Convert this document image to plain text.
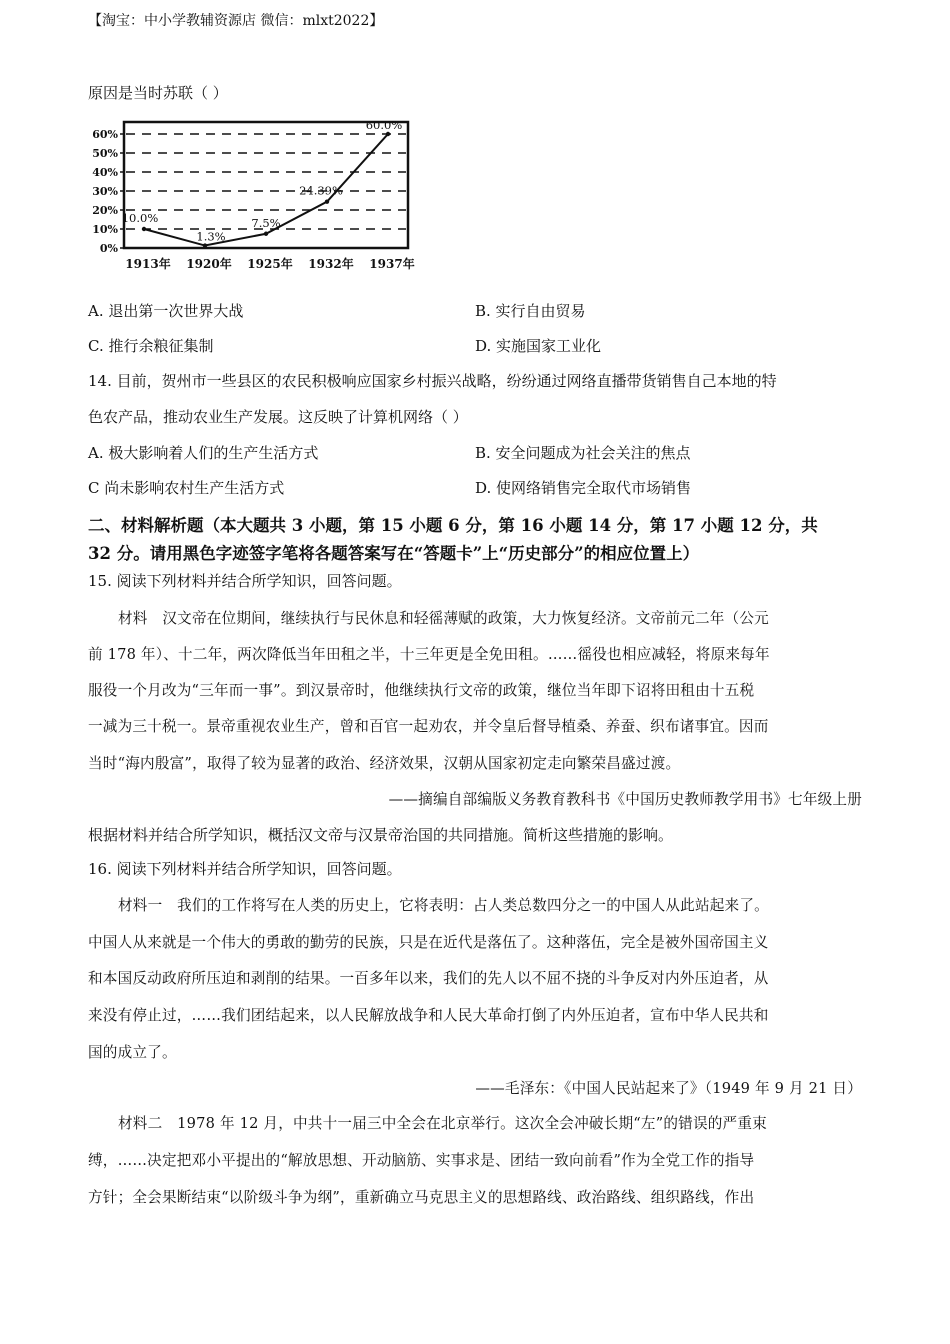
【淘宝：中小学教辅资源店 微信：mlxt2022】
原因是当时苏联（ ）
60%
50%
40%
30%
20%
10%
0%
1913年 1920年 1925年 1932年 1937年
10.0%
1.3%
7.5%
24.39%
60.0%
A. 退出第一次世界大战	B. 实行自由贸易
C. 推行余粮征集制	D. 实施国家工业化
14. 目前，贺州市一些县区的农民积极响应国家乡村振兴战略，纷纷通过网络直播带货销售自己本地的特
色农产品，推动农业生产发展。这反映了计算机网络（ ）
A. 极大影响着人们的生产生活方式	B. 安全问题成为社会关注的焦点
C 尚未影响农村生产生活方式	D. 使网络销售完全取代市场销售
二、材料解析题（本大题共 3 小题，第 15 小题 6 分，第 16 小题 14 分，第 17 小题 12 分，共
32 分。请用黑色字迹签字笔将各题答案写在“答题卡”上“历史部分”的相应位置上）
15. 阅读下列材料并结合所学知识，回答问题。
材料　汉文帝在位期间，继续执行与民休息和轻徭薄赋的政策，大力恢复经济。文帝前元二年（公元
前 178 年）、十二年，两次降低当年田租之半，十三年更是全免田租。……徭役也相应减轻，将原来每年
服役一个月改为“三年而一事”。到汉景帝时，他继续执行文帝的政策，继位当年即下诏将田租由十五税
一减为三十税一。景帝重视农业生产，曾和百官一起劝农，并令皇后督导植桑、养蚕、织布诸事宜。因而
当时“海内殷富”，取得了较为显著的政治、经济效果，汉朝从国家初定走向繁荣昌盛过渡。
——摘编自部编版义务教育教科书《中国历史教师教学用书》七年级上册
根据材料并结合所学知识，概括汉文帝与汉景帝治国的共同措施。简析这些措施的影响。
16. 阅读下列材料并结合所学知识，回答问题。
材料一　我们的工作将写在人类的历史上，它将表明：占人类总数四分之一的中国人从此站起来了。
中国人从来就是一个伟大的勇敢的勤劳的民族，只是在近代是落伍了。这种落伍，完全是被外国帝国主义
和本国反动政府所压迫和剥削的结果。一百多年以来，我们的先人以不屈不挠的斗争反对内外压迫者，从
来没有停止过，……我们团结起来，以人民解放战争和人民大革命打倒了内外压迫者，宣布中华人民共和
国的成立了。
——毛泽东：《中国人民站起来了》（1949 年 9 月 21 日）
材料二　1978 年 12 月，中共十一届三中全会在北京举行。这次全会冲破长期“左”的错误的严重束
缚，……决定把邓小平提出的“解放思想、开动脑筋、实事求是、团结一致向前看”作为全党工作的指导
方针；全会果断结束“以阶级斗争为纲”，重新确立马克思主义的思想路线、政治路线、组织路线，作出
